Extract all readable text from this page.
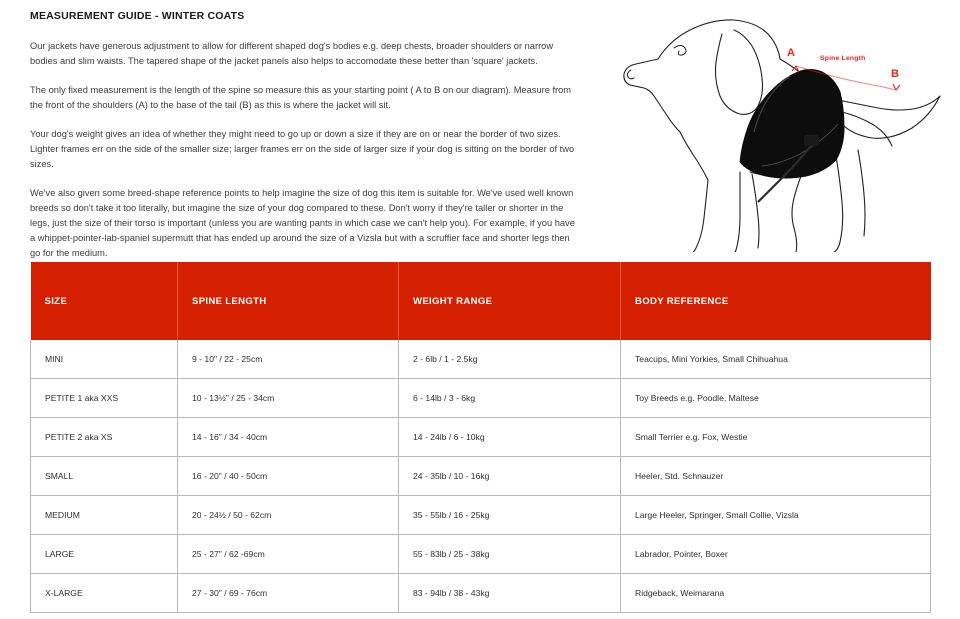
MEASUREMENT GUIDE - WINTER COATS

Our jackets have generous adjustment to allow for different shaped dog's bodies e.g. deep chests, broader shoulders or narrow bodies and slim waists. The tapered shape of the jacket panels also helps to accomodate these better than 'square' jackets.

The only fixed measurement is the length of the spine so measure this as your starting point ( A to B on our diagram). Measure from the front of the shoulders (A) to the base of the tail (B) as this is where the jacket will sit.

Your dog's weight gives an idea of whether they might need to go up or down a size if they are on or near the border of two sizes. Lighter frames err on the side of the smaller size; larger frames err on the side of larger size if your dog is sitting on the border of two sizes.

We've also given some breed-shape reference points to help imagine the size of dog this item is suitable for. We've used well known breeds so don't take it too literally, but imagine the size of your dog compared to these. Don't worry if they're taller or shorter in the legs, just the size of their torso is important (unless you are wanting pants in which case we can't help you). For example, if you have a whippet-pointer-lab-spaniel supermutt that has ended up around the size of a Vizsla but with a scruffier face and shorter legs then go for the medium.

A
B
Spine Length
SIZE	SPINE LENGTH	WEIGHT RANGE	BODY REFERENCE
MINI	9 - 10" / 22 - 25cm	2 - 6lb / 1 - 2.5kg	Teacups, Mini Yorkies, Small Chihuahua
PETITE 1 aka XXS	10 - 13½" / 25 - 34cm	6 - 14lb / 3 - 6kg	Toy Breeds e.g. Poodle, Maltese
PETITE 2 aka XS	14 - 16" / 34 - 40cm	14 - 24lb / 6 - 10kg	Small Terrier e.g. Fox, Westie
SMALL	16 - 20" / 40 - 50cm	24 - 35lb / 10 - 16kg	Heeler, Std. Schnauzer
MEDIUM	20 - 24½ / 50 - 62cm	35 - 55lb / 16 - 25kg	Large Heeler, Springer, Small Collie, Vizsla
LARGE	25 - 27" / 62 -69cm	55 - 83lb / 25 - 38kg	Labrador, Pointer, Boxer
X-LARGE	27 - 30" / 69 - 76cm	83 - 94lb / 38 - 43kg	Ridgeback, Weimarana
